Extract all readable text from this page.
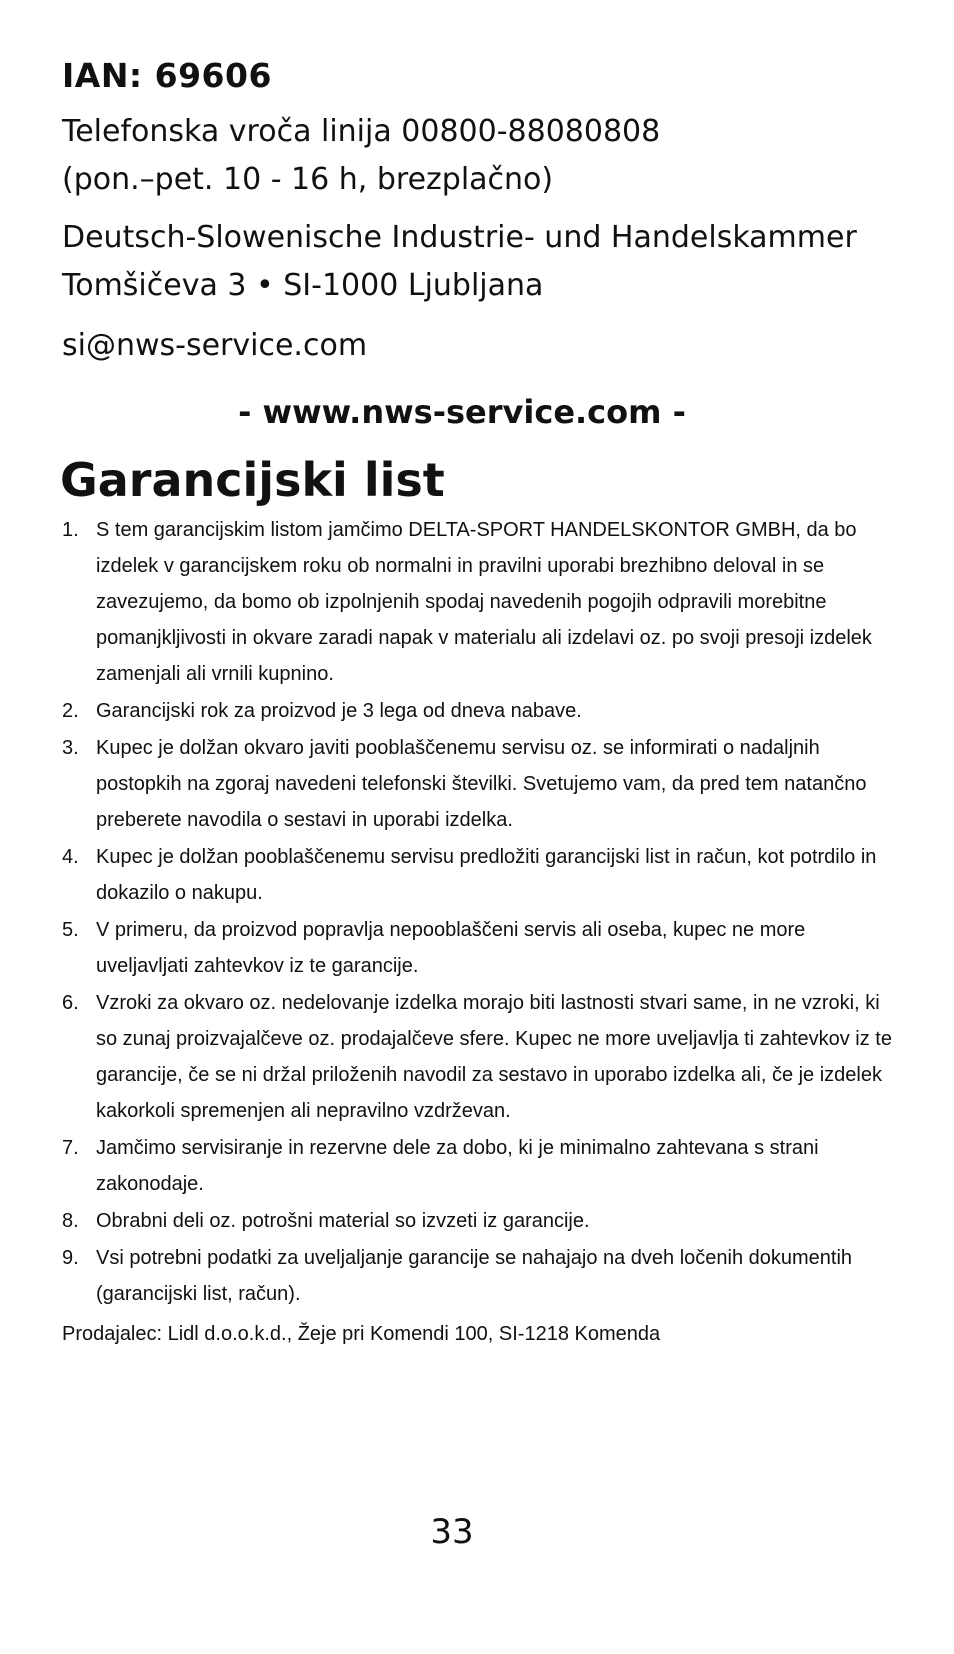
IAN: 69606
Telefonska vroča linija 00800-88080808
(pon.–pet. 10 - 16 h, brezplačno)
Deutsch-Slowenische Industrie- und Handelskammer
Tomšičeva 3 • SI-1000 Ljubljana
si@nws-service.com
- www.nws-service.com -
Garancijski list
1. S tem garancijskim listom jamčimo DELTA-SPORT HANDELSKONTOR GMBH, da bo izdelek v garancijskem roku ob normalni in pravilni uporabi brezhibno deloval in se zavezujemo, da bomo ob izpolnjenih spodaj navedenih pogojih odpravili morebitne pomanjkljivosti in okvare zaradi napak v materialu ali izdelavi oz. po svoji presoji izdelek zamenjali ali vrnili kupnino.
2. Garancijski rok za proizvod je 3 lega od dneva nabave.
3. Kupec je dolžan okvaro javiti pooblaščenemu servisu oz. se informirati o nadaljnih postopkih na zgoraj navedeni telefonski številki. Svetujemo vam, da pred tem natančno preberete navodila o sestavi in uporabi izdelka.
4. Kupec je dolžan pooblaščenemu servisu predložiti garancijski list in račun, kot potrdilo in dokazilo o nakupu.
5. V primeru, da proizvod popravlja nepooblaščeni servis ali oseba, kupec ne more uveljavljati zahtevkov iz te garancije.
6. Vzroki za okvaro oz. nedelovanje izdelka morajo biti lastnosti stvari same, in ne vzroki, ki so zunaj proizvajalčeve oz. prodajalčeve sfere. Kupec ne more uveljavlja ti zahtevkov iz te garancije, če se ni držal priloženih navodil za sestavo in uporabo izdelka ali, če je izdelek kakorkoli spremenjen ali nepravilno vzdrževan.
7. Jamčimo servisiranje in rezervne dele za dobo, ki je minimalno zahtevana s strani zakonodaje.
8. Obrabni deli oz. potrošni material so izvzeti iz garancije.
9. Vsi potrebni podatki za uveljaljanje garancije se nahajajo na dveh ločenih dokumentih (garancijski list, račun).
Prodajalec: Lidl d.o.o.k.d., Žeje pri Komendi 100, SI-1218 Komenda
33
